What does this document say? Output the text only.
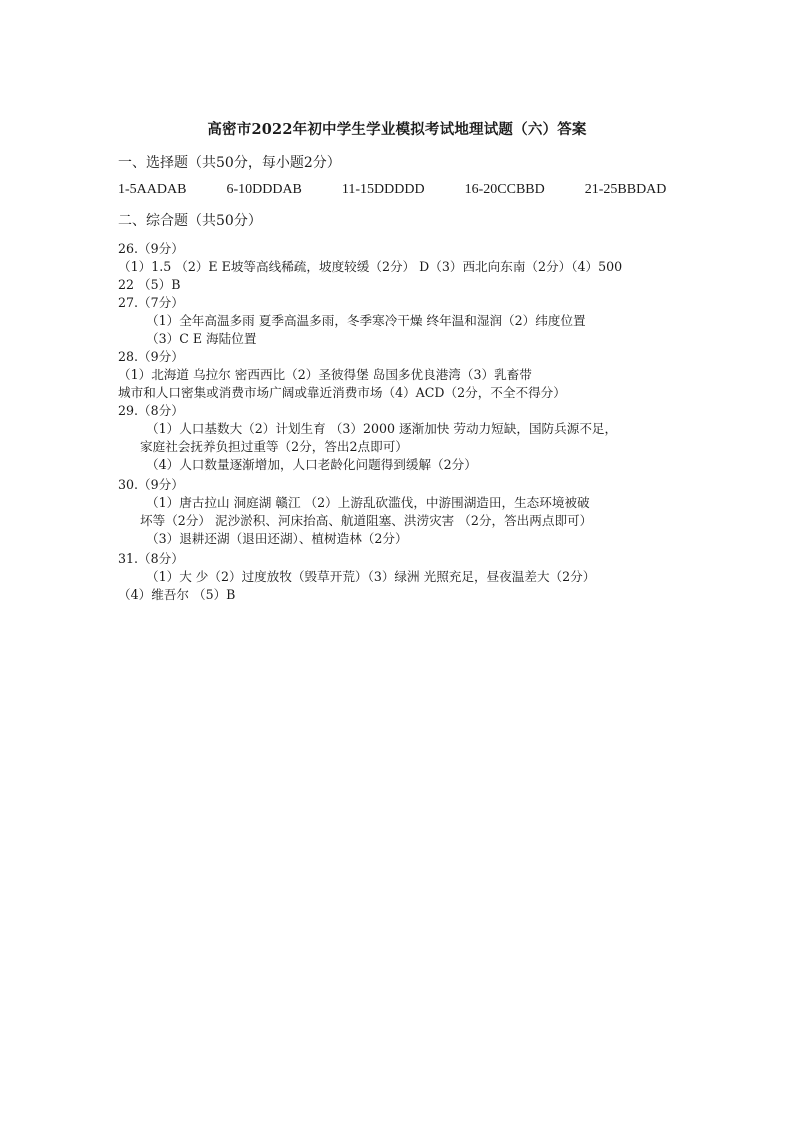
高密市2022年初中学生学业模拟考试地理试题（六）答案
一、选择题（共50分，每小题2分）
1-5AADAB	6-10DDDAB	11-15DDDDD	16-20CCBBD	21-25BBDAD
二、综合题（共50分）
26.（9分）
（1）1.5 （2）E E坡等高线稀疏，坡度较缓（2分） D（3）西北向东南（2分）（4）500
22 （5）B
27.（7分）
（1）全年高温多雨 夏季高温多雨，冬季寒冷干燥 终年温和湿润（2）纬度位置
（3）C E 海陆位置
28.（9分）
（1）北海道 乌拉尔 密西西比（2）圣彼得堡 岛国多优良港湾（3）乳畜带
城市和人口密集或消费市场广阔或靠近消费市场（4）ACD（2分，不全不得分）
29.（8分）
（1）人口基数大（2）计划生育 （3）2000 逐渐加快 劳动力短缺，国防兵源不足，
家庭社会抚养负担过重等（2分，答出2点即可）
（4）人口数量逐渐增加，人口老龄化问题得到缓解（2分）
30.（9分）
（1）唐古拉山 洞庭湖 赣江 （2）上游乱砍滥伐，中游围湖造田，生态环境被破
坏等（2分） 泥沙淤积、河床抬高、航道阻塞、洪涝灾害 （2分，答出两点即可）
（3）退耕还湖（退田还湖）、植树造林（2分）
31.（8分）
（1）大 少（2）过度放牧（毁草开荒）（3）绿洲 光照充足，昼夜温差大（2分）
（4）维吾尔 （5）B
